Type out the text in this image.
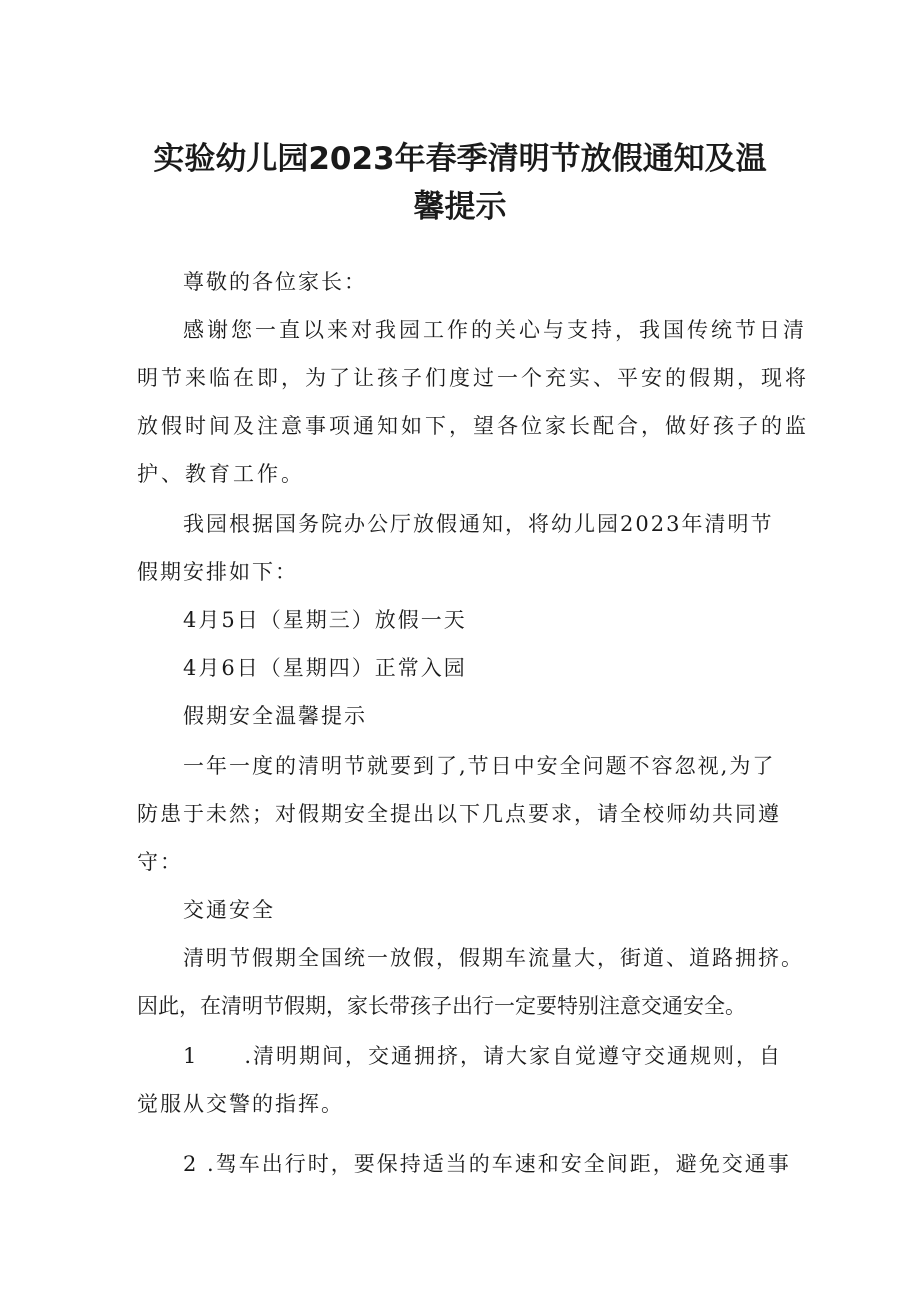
实验幼儿园2023年春季清明节放假通知及温
馨提示

尊敬的各位家长：

感谢您一直以来对我园工作的关心与支持，我国传统节日清

明节来临在即，为了让孩子们度过一个充实、平安的假期，现将

放假时间及注意事项通知如下，望各位家长配合，做好孩子的监

护、教育工作。

我园根据国务院办公厅放假通知，将幼儿园2023年清明节

假期安排如下：

4月5日（星期三）放假一天

4月6日（星期四）正常入园

假期安全温馨提示

一年一度的清明节就要到了,节日中安全问题不容忽视,为了

防患于未然；对假期安全提出以下几点要求，请全校师幼共同遵

守：

交通安全

清明节假期全国统一放假，假期车流量大，街道、道路拥挤。

因此，在清明节假期，家长带孩子出行一定要特别注意交通安全。

1　　.清明期间，交通拥挤，请大家自觉遵守交通规则，自

觉服从交警的指挥。

2 .驾车出行时，要保持适当的车速和安全间距，避免交通事
